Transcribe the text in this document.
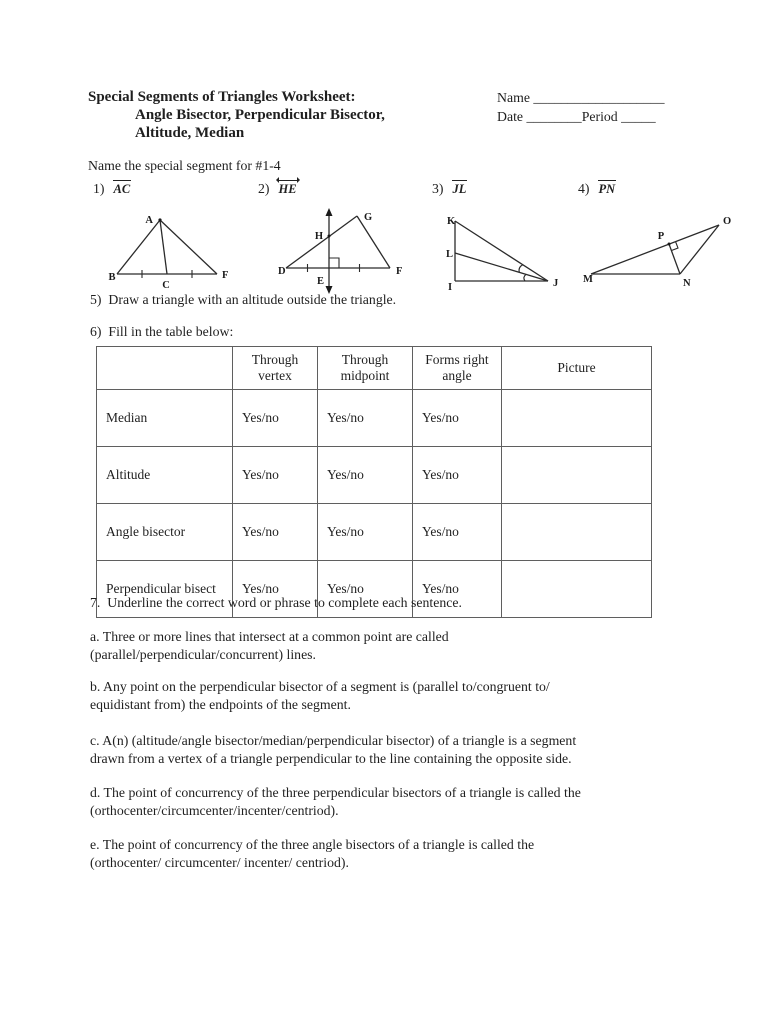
Special Segments of Triangles Worksheet:
Angle Bisector, Perpendicular Bisector,
Altitude, Median
Name ___________________
Date ________Period _____
Name the special segment for #1-4
1) AC	2) HE	3) JL	4) PN
A
B
C
F
G
H
D
E
F
K
L
I	J
P
O
M	N
5)  Draw a triangle with an altitude outside the triangle.
6)  Fill in the table below:
	Through vertex	Through midpoint	Forms right angle	Picture
Median	Yes/no	Yes/no	Yes/no	
Altitude	Yes/no	Yes/no	Yes/no	
Angle bisector	Yes/no	Yes/no	Yes/no	
Perpendicular bisect	Yes/no	Yes/no	Yes/no	
7.  Underline the correct word or phrase to complete each sentence.
a. Three or more lines that intersect at a common point are called
(parallel/perpendicular/concurrent) lines.
b. Any point on the perpendicular bisector of a segment is (parallel to/congruent to/
equidistant from) the endpoints of the segment.
c. A(n) (altitude/angle bisector/median/perpendicular bisector) of a triangle is a segment
drawn from a vertex of a triangle perpendicular to the line containing the opposite side.
d. The point of concurrency of the three perpendicular bisectors of a triangle is called the
(orthocenter/circumcenter/incenter/centriod).
e. The point of concurrency of the three angle bisectors of a triangle is called the
(orthocenter/ circumcenter/ incenter/ centriod).
